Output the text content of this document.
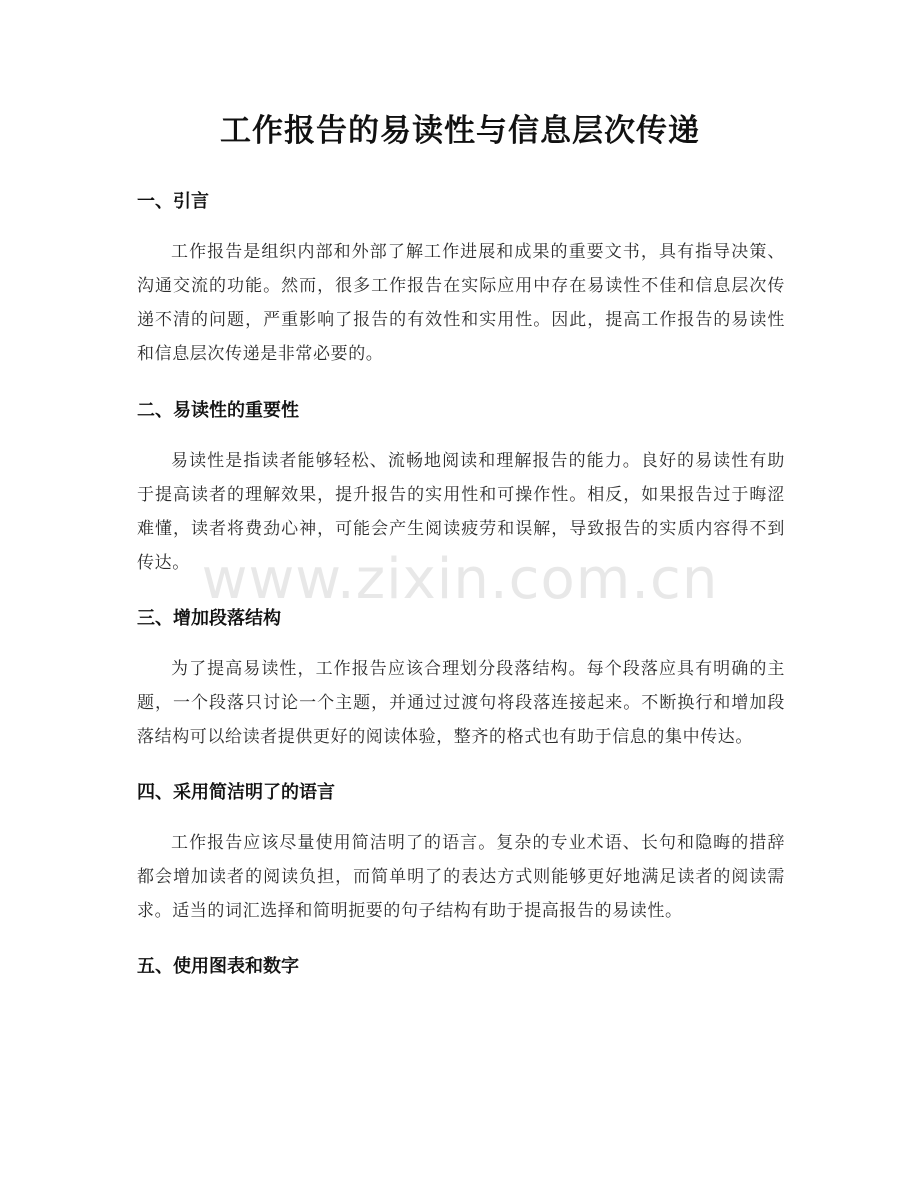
工作报告的易读性与信息层次传递
一、引言

工作报告是组织内部和外部了解工作进展和成果的重要文书，具有指导决策、沟通交流的功能。然而，很多工作报告在实际应用中存在易读性不佳和信息层次传递不清的问题，严重影响了报告的有效性和实用性。因此，提高工作报告的易读性和信息层次传递是非常必要的。

二、易读性的重要性

易读性是指读者能够轻松、流畅地阅读和理解报告的能力。良好的易读性有助于提高读者的理解效果，提升报告的实用性和可操作性。相反，如果报告过于晦涩难懂，读者将费劲心神，可能会产生阅读疲劳和误解，导致报告的实质内容得不到传达。

三、增加段落结构

为了提高易读性，工作报告应该合理划分段落结构。每个段落应具有明确的主题，一个段落只讨论一个主题，并通过过渡句将段落连接起来。不断换行和增加段落结构可以给读者提供更好的阅读体验，整齐的格式也有助于信息的集中传达。

四、采用简洁明了的语言

工作报告应该尽量使用简洁明了的语言。复杂的专业术语、长句和隐晦的措辞都会增加读者的阅读负担，而简单明了的表达方式则能够更好地满足读者的阅读需求。适当的词汇选择和简明扼要的句子结构有助于提高报告的易读性。

五、使用图表和数字
www.zixin.com.cn
